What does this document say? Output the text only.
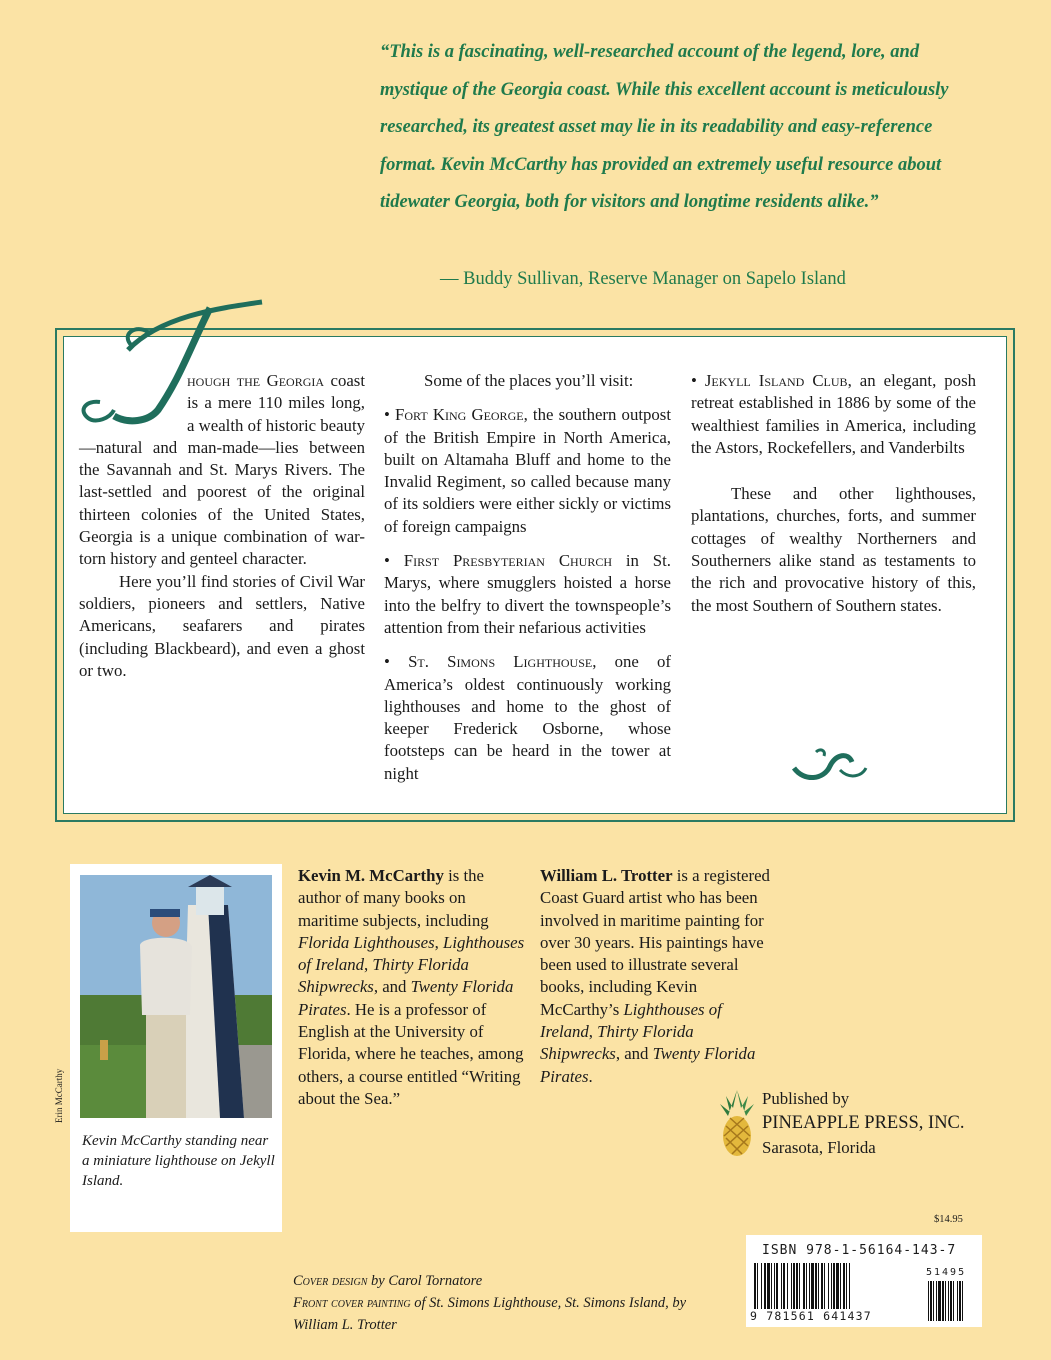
“This is a fascinating, well-researched account of the legend, lore, and mystique of the Georgia coast. While this excellent account is meticulously researched, its greatest asset may lie in its readability and easy-reference format. Kevin McCarthy has provided an extremely useful resource about tidewater Georgia, both for visitors and longtime residents alike.”

— Buddy Sullivan, Reserve Manager on Sapelo Island

hough the Georgia coast is a mere 110 miles long, a wealth of historic beauty—natural and man-made—lies between the Savannah and St. Marys Rivers. The last-settled and poorest of the original thirteen colonies of the United States, Georgia is a unique combination of war-torn history and genteel character.

Here you’ll find stories of Civil War soldiers, pioneers and settlers, Native Americans, seafarers and pirates (including Blackbeard), and even a ghost or two.

Some of the places you’ll visit:

• Fort King George, the southern outpost of the British Empire in North America, built on Altamaha Bluff and home to the Invalid Regiment, so called because many of its soldiers were either sickly or victims of foreign campaigns

• First Presbyterian Church in St. Marys, where smugglers hoisted a horse into the belfry to divert the townspeople’s attention from their nefarious activities

• St. Simons Lighthouse, one of America’s oldest continuously working lighthouses and home to the ghost of keeper Frederick Osborne, whose footsteps can be heard in the tower at night

• Jekyll Island Club, an elegant, posh retreat established in 1886 by some of the wealthiest families in America, including the Astors, Rockefellers, and Vanderbilts

These and other lighthouses, plantations, churches, forts, and summer cottages of wealthy Northerners and Southerners alike stand as testaments to the rich and provocative history of this, the most Southern of Southern states.

Erin McCarthy
Kevin McCarthy standing near a miniature lighthouse on Jekyll Island.

Kevin M. McCarthy is the author of many books on maritime subjects, including Florida Lighthouses, Lighthouses of Ireland, Thirty Florida Shipwrecks, and Twenty Florida Pirates. He is a professor of English at the University of Florida, where he teaches, among others, a course entitled “Writing about the Sea.”

William L. Trotter is a registered Coast Guard artist who has been involved in maritime painting for over 30 years. His paintings have been used to illustrate several books, including Kevin McCarthy’s Lighthouses of Ireland, Thirty Florida Shipwrecks, and Twenty Florida Pirates.

Published by
PINEAPPLE PRESS, INC.
Sarasota, Florida
$14.95
ISBN 978-1-56164-143-7
51495
9 781561 641437
Cover design by Carol Tornatore
Front cover painting of St. Simons Lighthouse, St. Simons Island, by William L. Trotter
